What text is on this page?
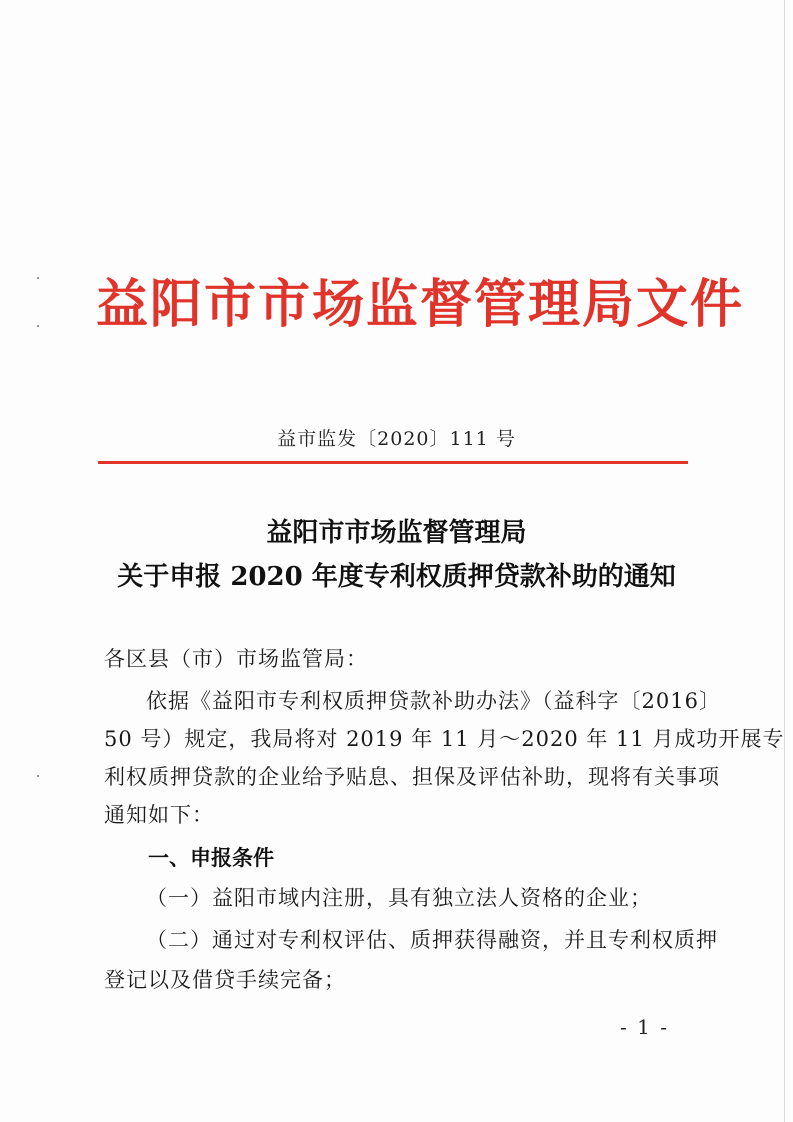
益阳市市场监督管理局文件
益市监发〔2020〕111 号
益阳市市场监督管理局
关于申报 2020 年度专利权质押贷款补助的通知
各区县（市）市场监管局：
依据《益阳市专利权质押贷款补助办法》（益科字〔2016〕
50 号）规定，我局将对 2019 年 11 月～2020 年 11 月成功开展专
利权质押贷款的企业给予贴息、担保及评估补助，现将有关事项
通知如下：
一、申报条件
（一）益阳市域内注册，具有独立法人资格的企业；
（二）通过对专利权评估、质押获得融资，并且专利权质押
登记以及借贷手续完备；
- 1 -
